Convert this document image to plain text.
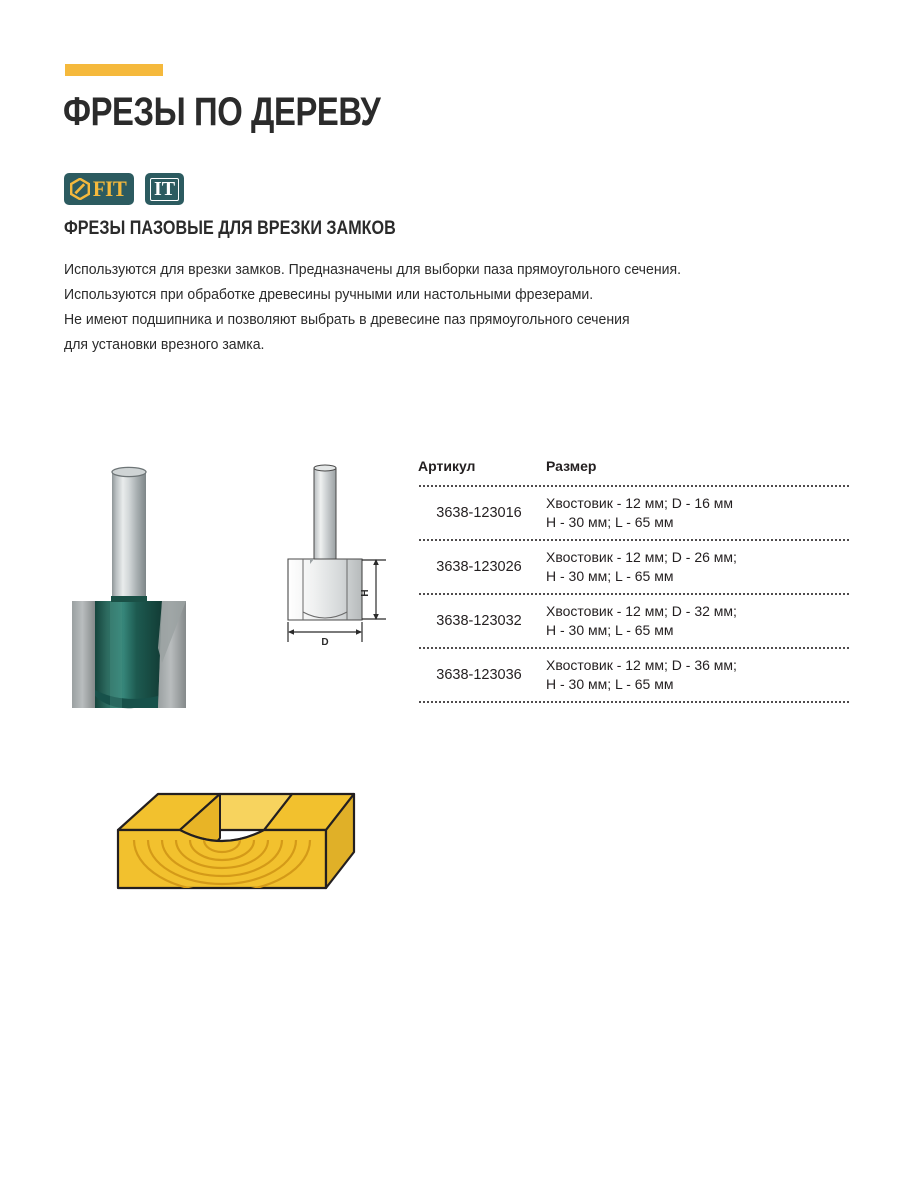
ФРЕЗЫ ПО ДЕРЕВУ
FIT IT
ФРЕЗЫ ПАЗОВЫЕ ДЛЯ ВРЕЗКИ ЗАМКОВ

Используются для врезки замков. Предназначены для выборки паза прямоугольного сечения.

Используются при обработке древесины ручными или настольными фрезерами.

Не имеют подшипника и позволяют выбрать в древесине паз прямоугольного сечения

для установки врезного замка.

H
D
Артикул	Размер
3638-123016
Хвостовик - 12 мм; D - 16 мм
H - 30 мм; L - 65 мм
3638-123026
Хвостовик - 12 мм; D - 26 мм;
H - 30 мм; L - 65 мм
3638-123032
Хвостовик - 12 мм; D - 32 мм;
H - 30 мм; L - 65 мм
3638-123036
Хвостовик - 12 мм; D - 36 мм;
H - 30 мм; L - 65 мм
